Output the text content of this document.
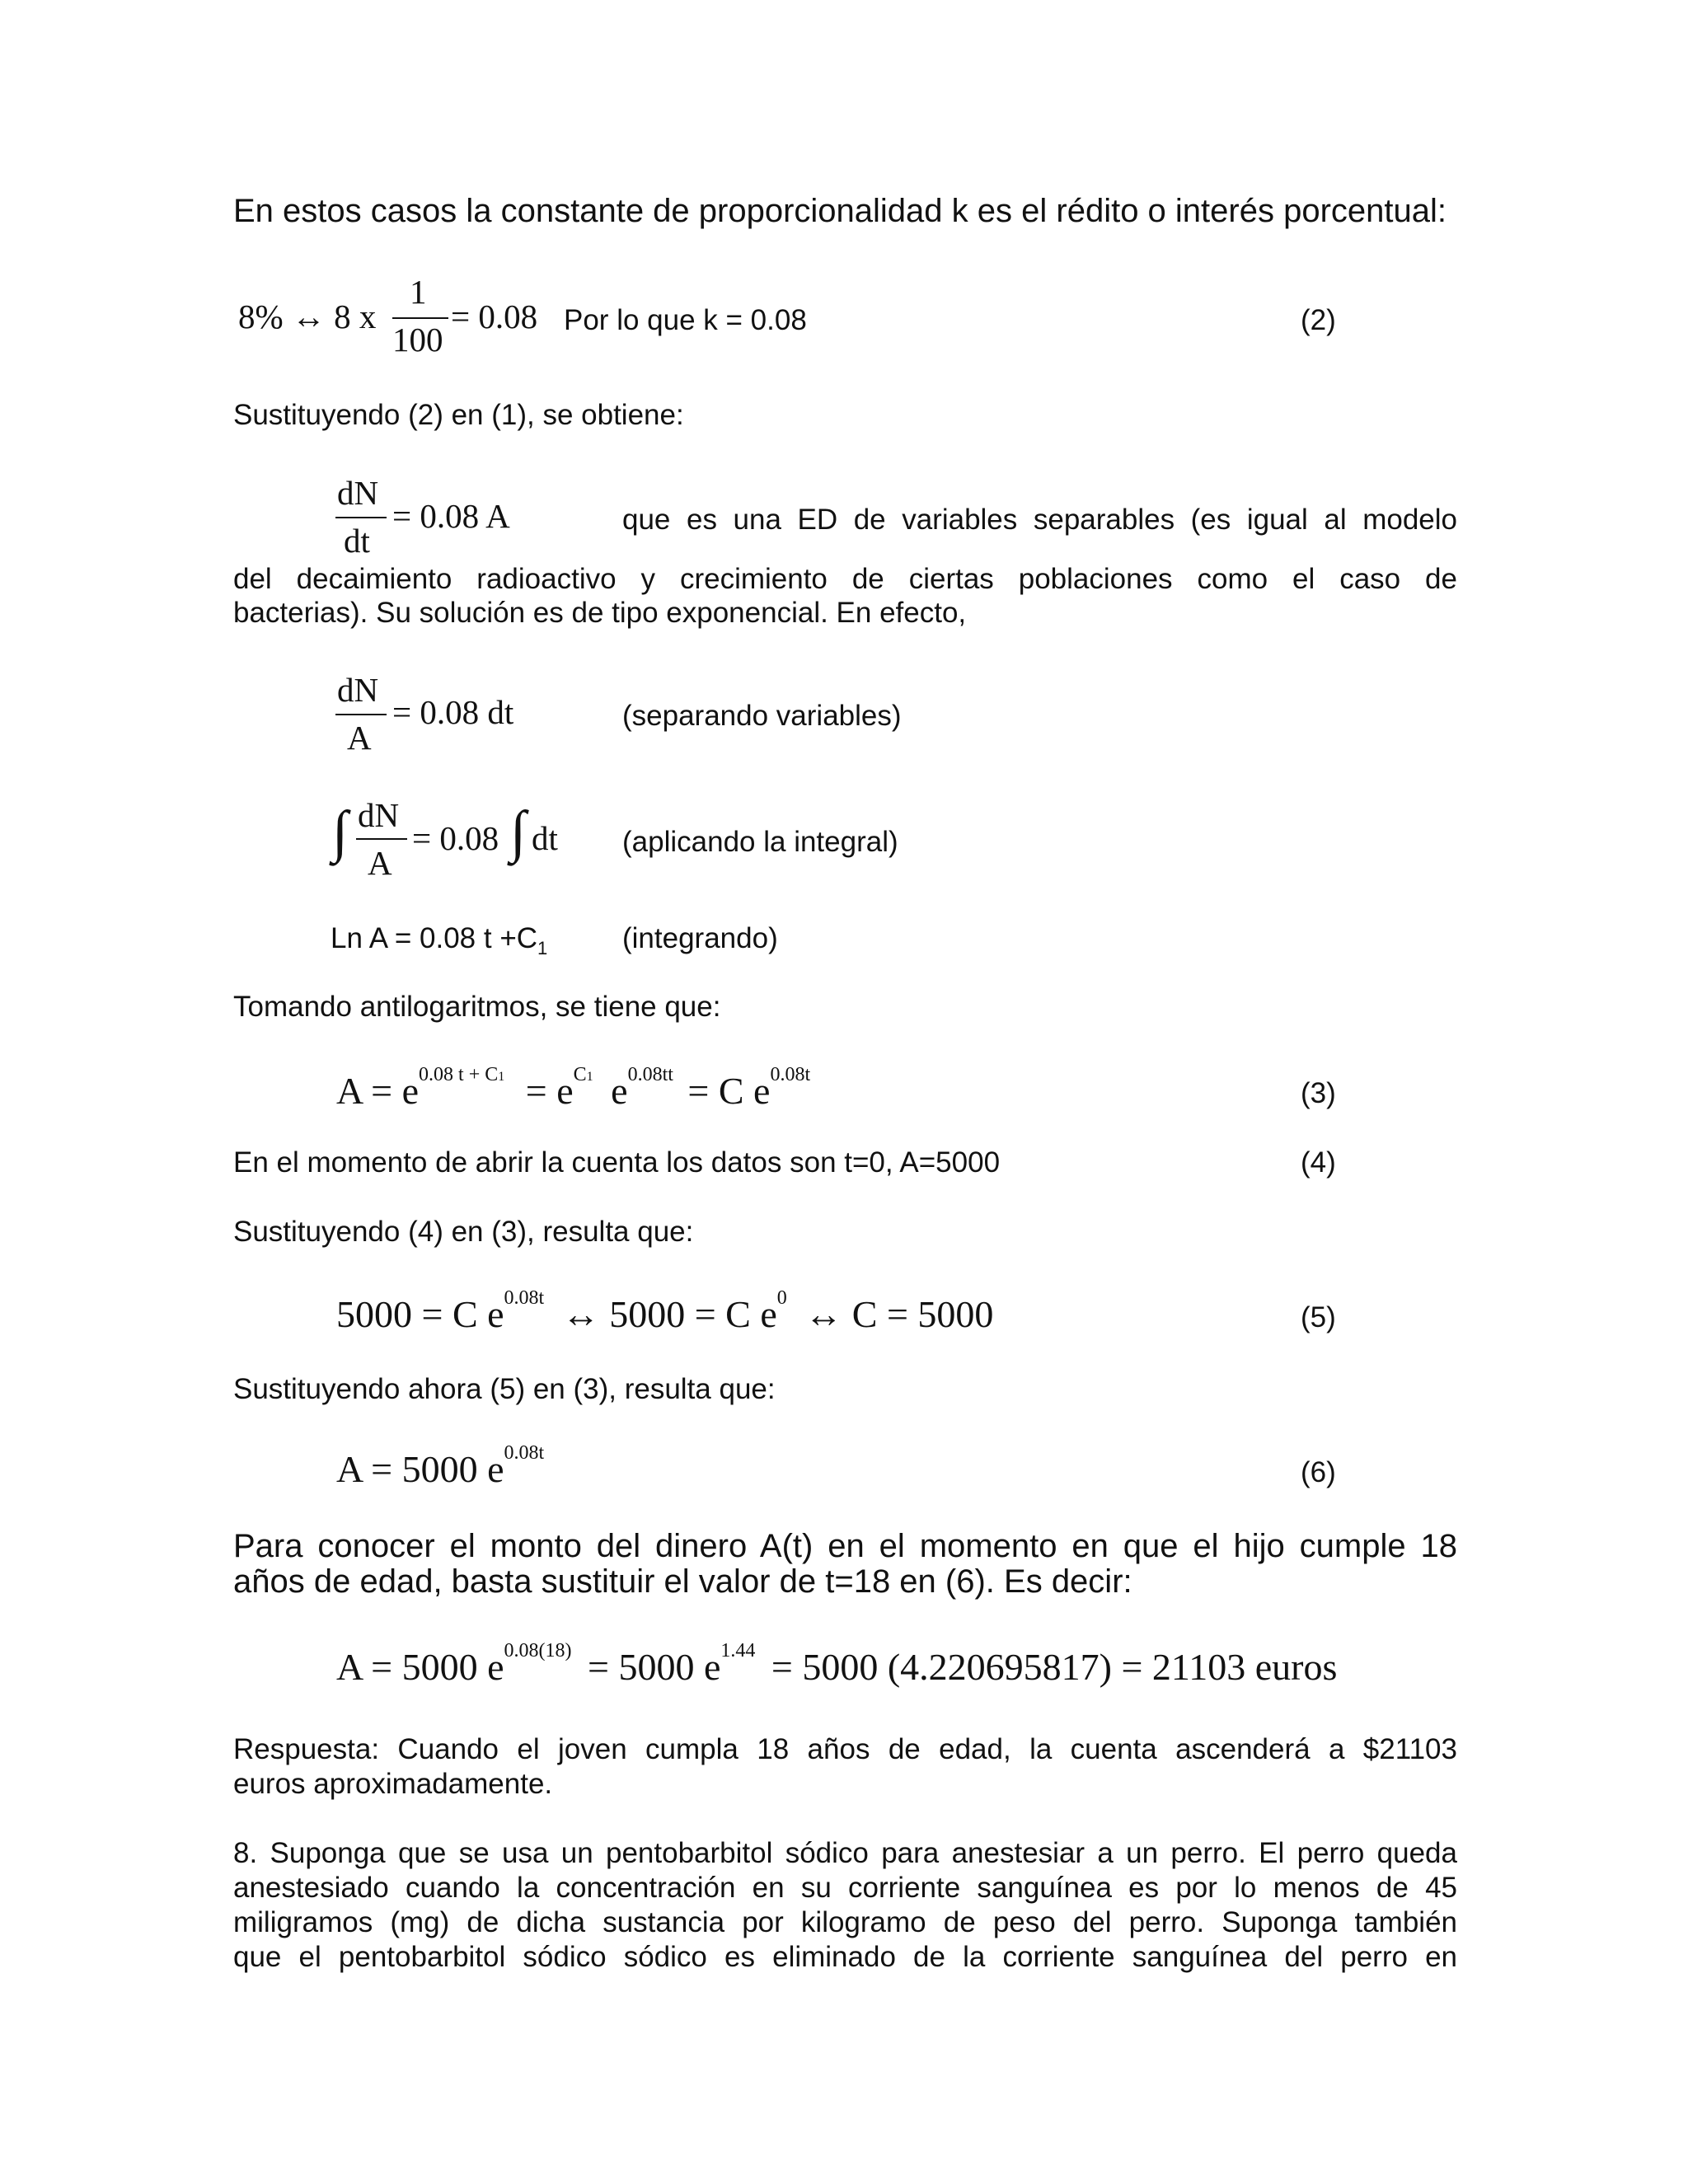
En estos casos la constante de proporcionalidad k es el rédito o interés porcentual:
8% ↔ 8 x
1
100
= 0.08 Por lo que k = 0.08	(2)
Sustituyendo (2) en (1), se obtiene:
dN
dt
= 0.08 A	que es una ED de variables separables (es igual al modelo
del decaimiento radioactivo y crecimiento de ciertas poblaciones como el caso de
bacterias). Su solución es de tipo exponencial. En efecto,
dN
A
= 0.08 dt	(separando variables)
∫ dN
A
= 0.08 ∫ dt (aplicando la integral)
Ln A = 0.08 $t +C_1$	(integrando)
Tomando antilogaritmos, se tiene que:
$A = e^{0.08 t + C1} = e^{C1}$ $e^{0.08tt} = C$ $e^{0.08t}$
(3)
En el momento de abrir la cuenta los datos son t=0, A=5000	(4)
Sustituyendo (4) en (3), resulta que:
5000 = C $e^{0.08t}$ ↔ 5000 = C $e^0$ ↔ C = 5000	(5)
Sustituyendo ahora (5) en (3), resulta que:
A = 5000 $e^{0.08t}$
(6)
Para conocer el monto del dinero A(t) en el momento en que el hijo cumple 18
años de edad, basta sustituir el valor de t=18 en (6). Es decir:
A = 5000 $e^{0.08(18)} = 5000$ $e^{1.44} = 5000$ (4.220695817) = 21103 euros
Respuesta: Cuando el joven cumpla 18 años de edad, la cuenta ascenderá a $21103
euros aproximadamente.
8. Suponga que se usa un pentobarbitol sódico para anestesiar a un perro. El perro queda
anestesiado cuando la concentración en su corriente sanguínea es por lo menos de 45
miligramos (mg) de dicha sustancia por kilogramo de peso del perro. Suponga también
que el pentobarbitol sódico sódico es eliminado de la corriente sanguínea del perro en
